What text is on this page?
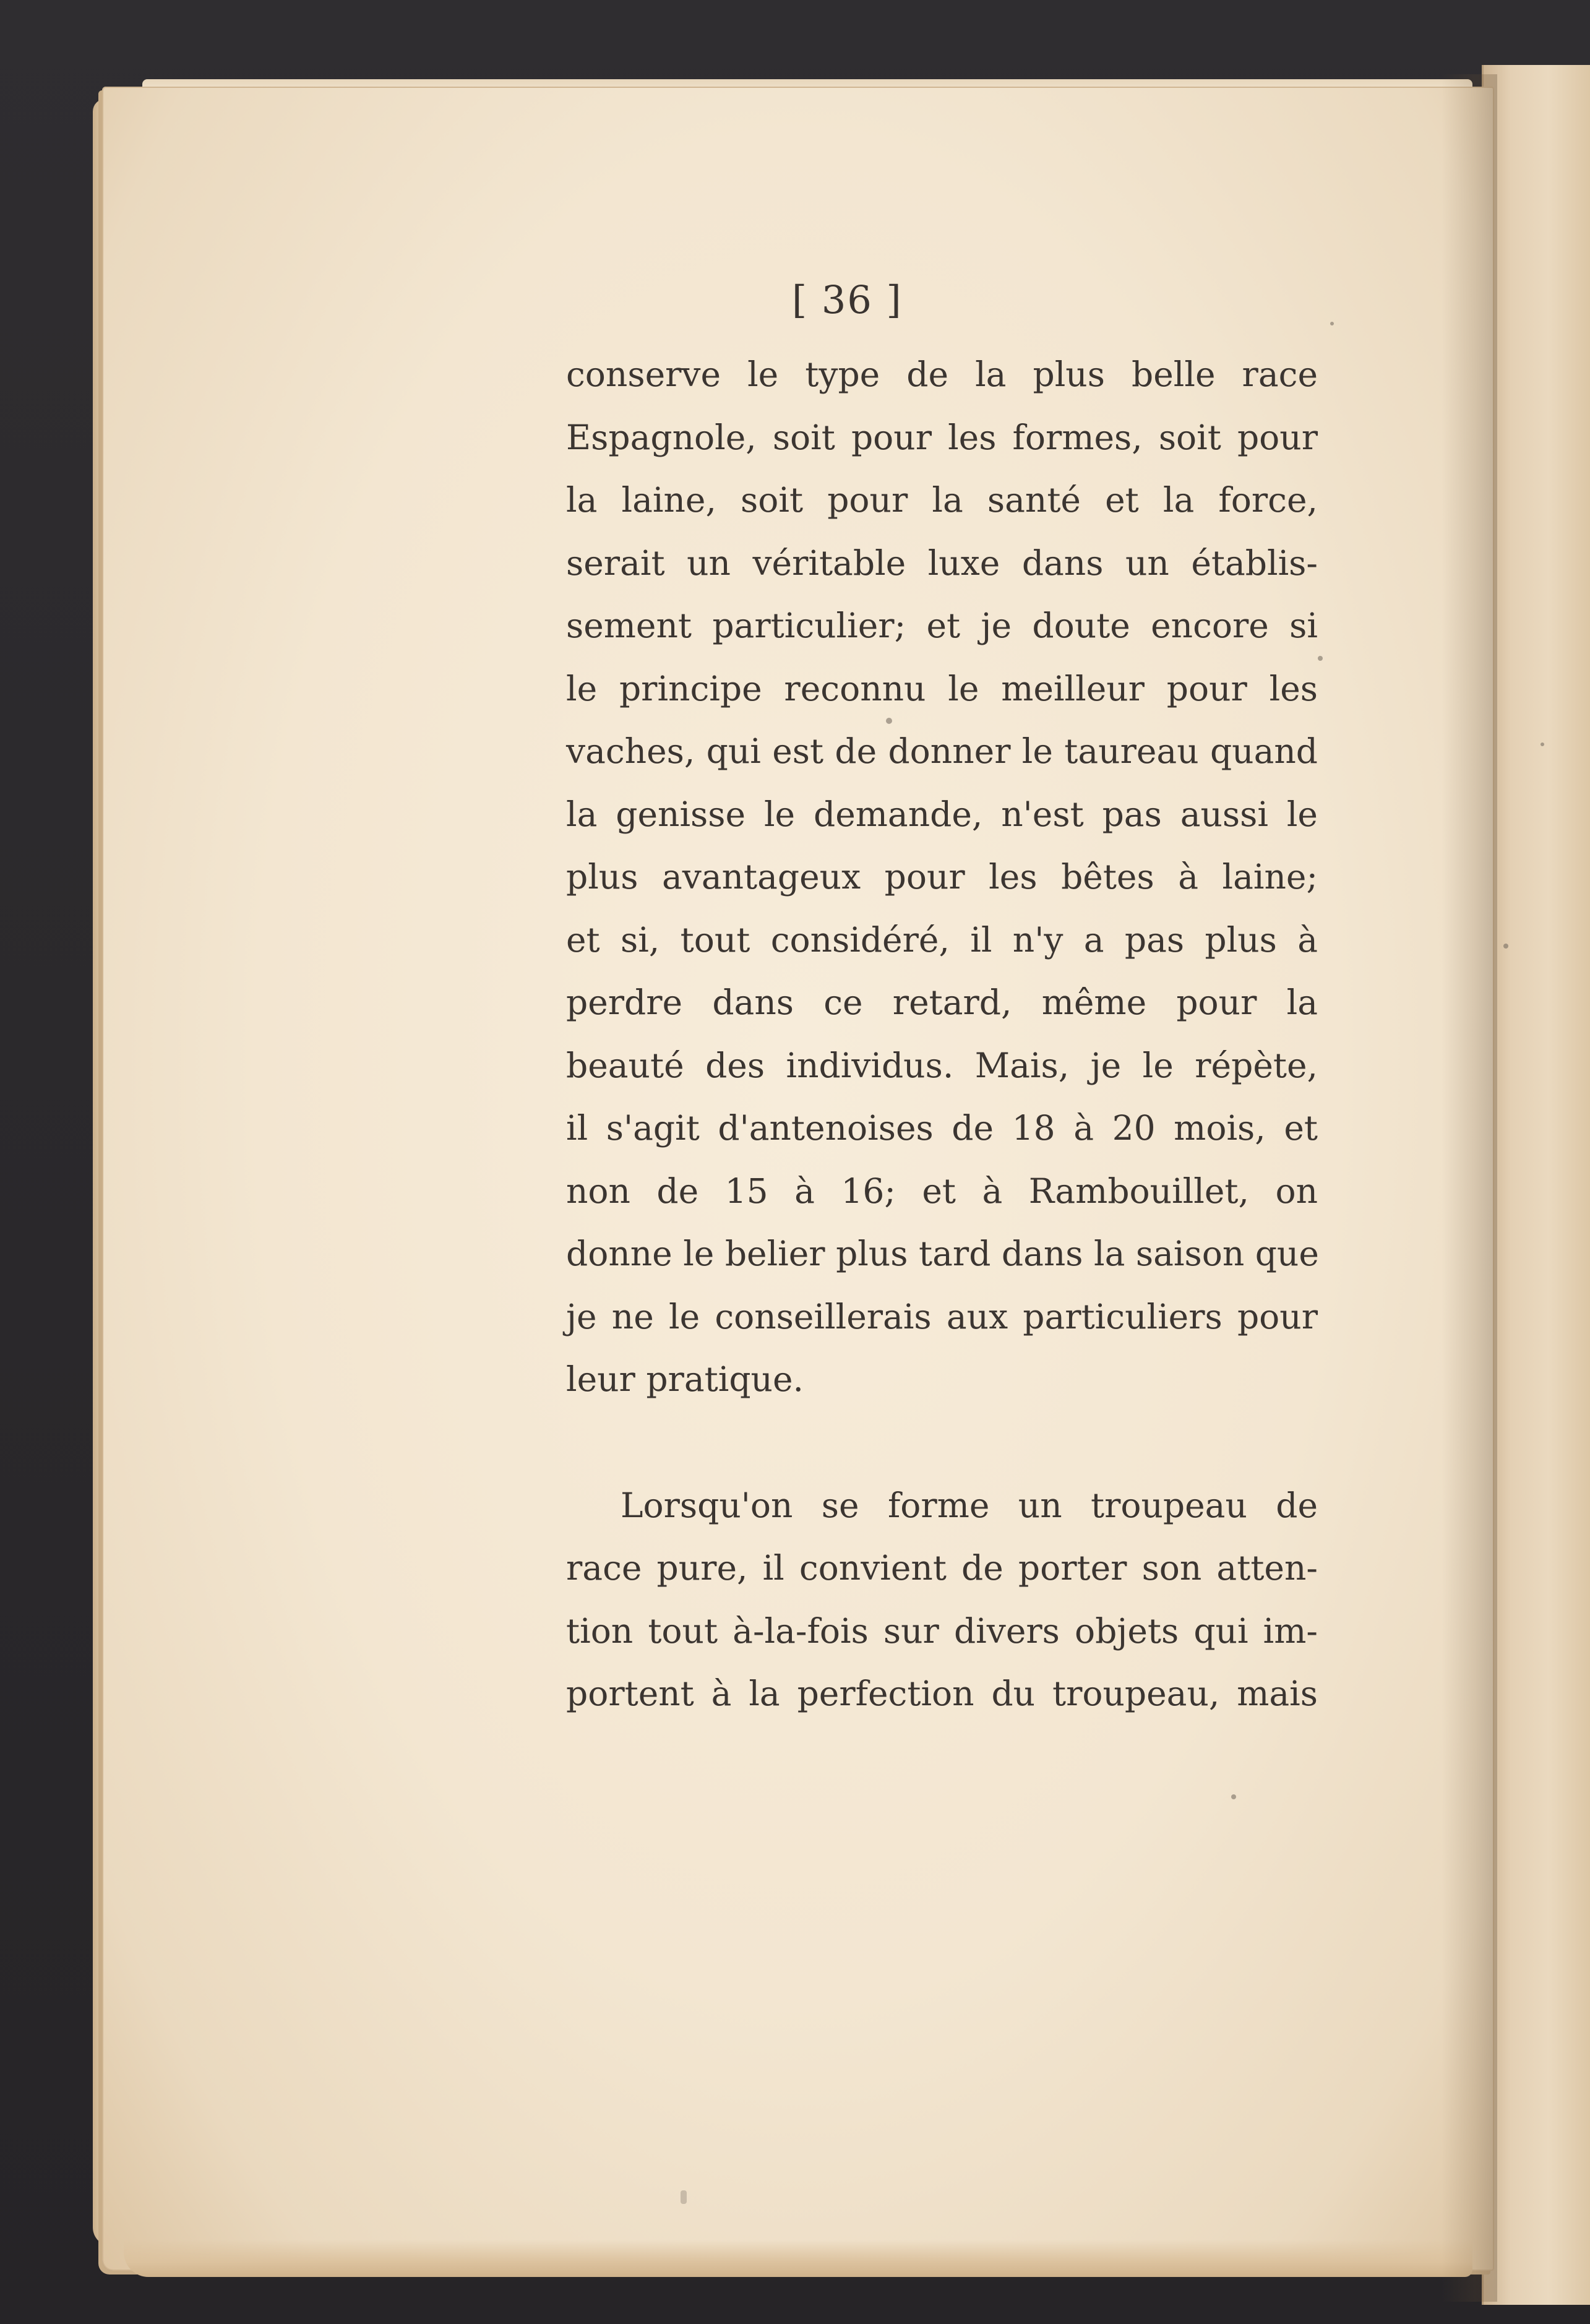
[ 36 ]
conserve le type de la plus belle race
Espagnole, soit pour les formes, soit pour
la laine, soit pour la santé et la force,
serait un véritable luxe dans un établis-
sement particulier; et je doute encore si
le principe reconnu le meilleur pour les
vaches, qui est de donner le taureau quand
la genisse le demande, n'est pas aussi le
plus avantageux pour les bêtes à laine;
et si, tout considéré, il n'y a pas plus à
perdre dans ce retard, même pour la
beauté des individus. Mais, je le répète,
il s'agit d'antenoises de 18 à 20 mois, et
non de 15 à 16; et à Rambouillet, on
donne le belier plus tard dans la saison que
je ne le conseillerais aux particuliers pour
leur pratique.
Lorsqu'on se forme un troupeau de
race pure, il convient de porter son atten-
tion tout à-la-fois sur divers objets qui im-
portent à la perfection du troupeau, mais
